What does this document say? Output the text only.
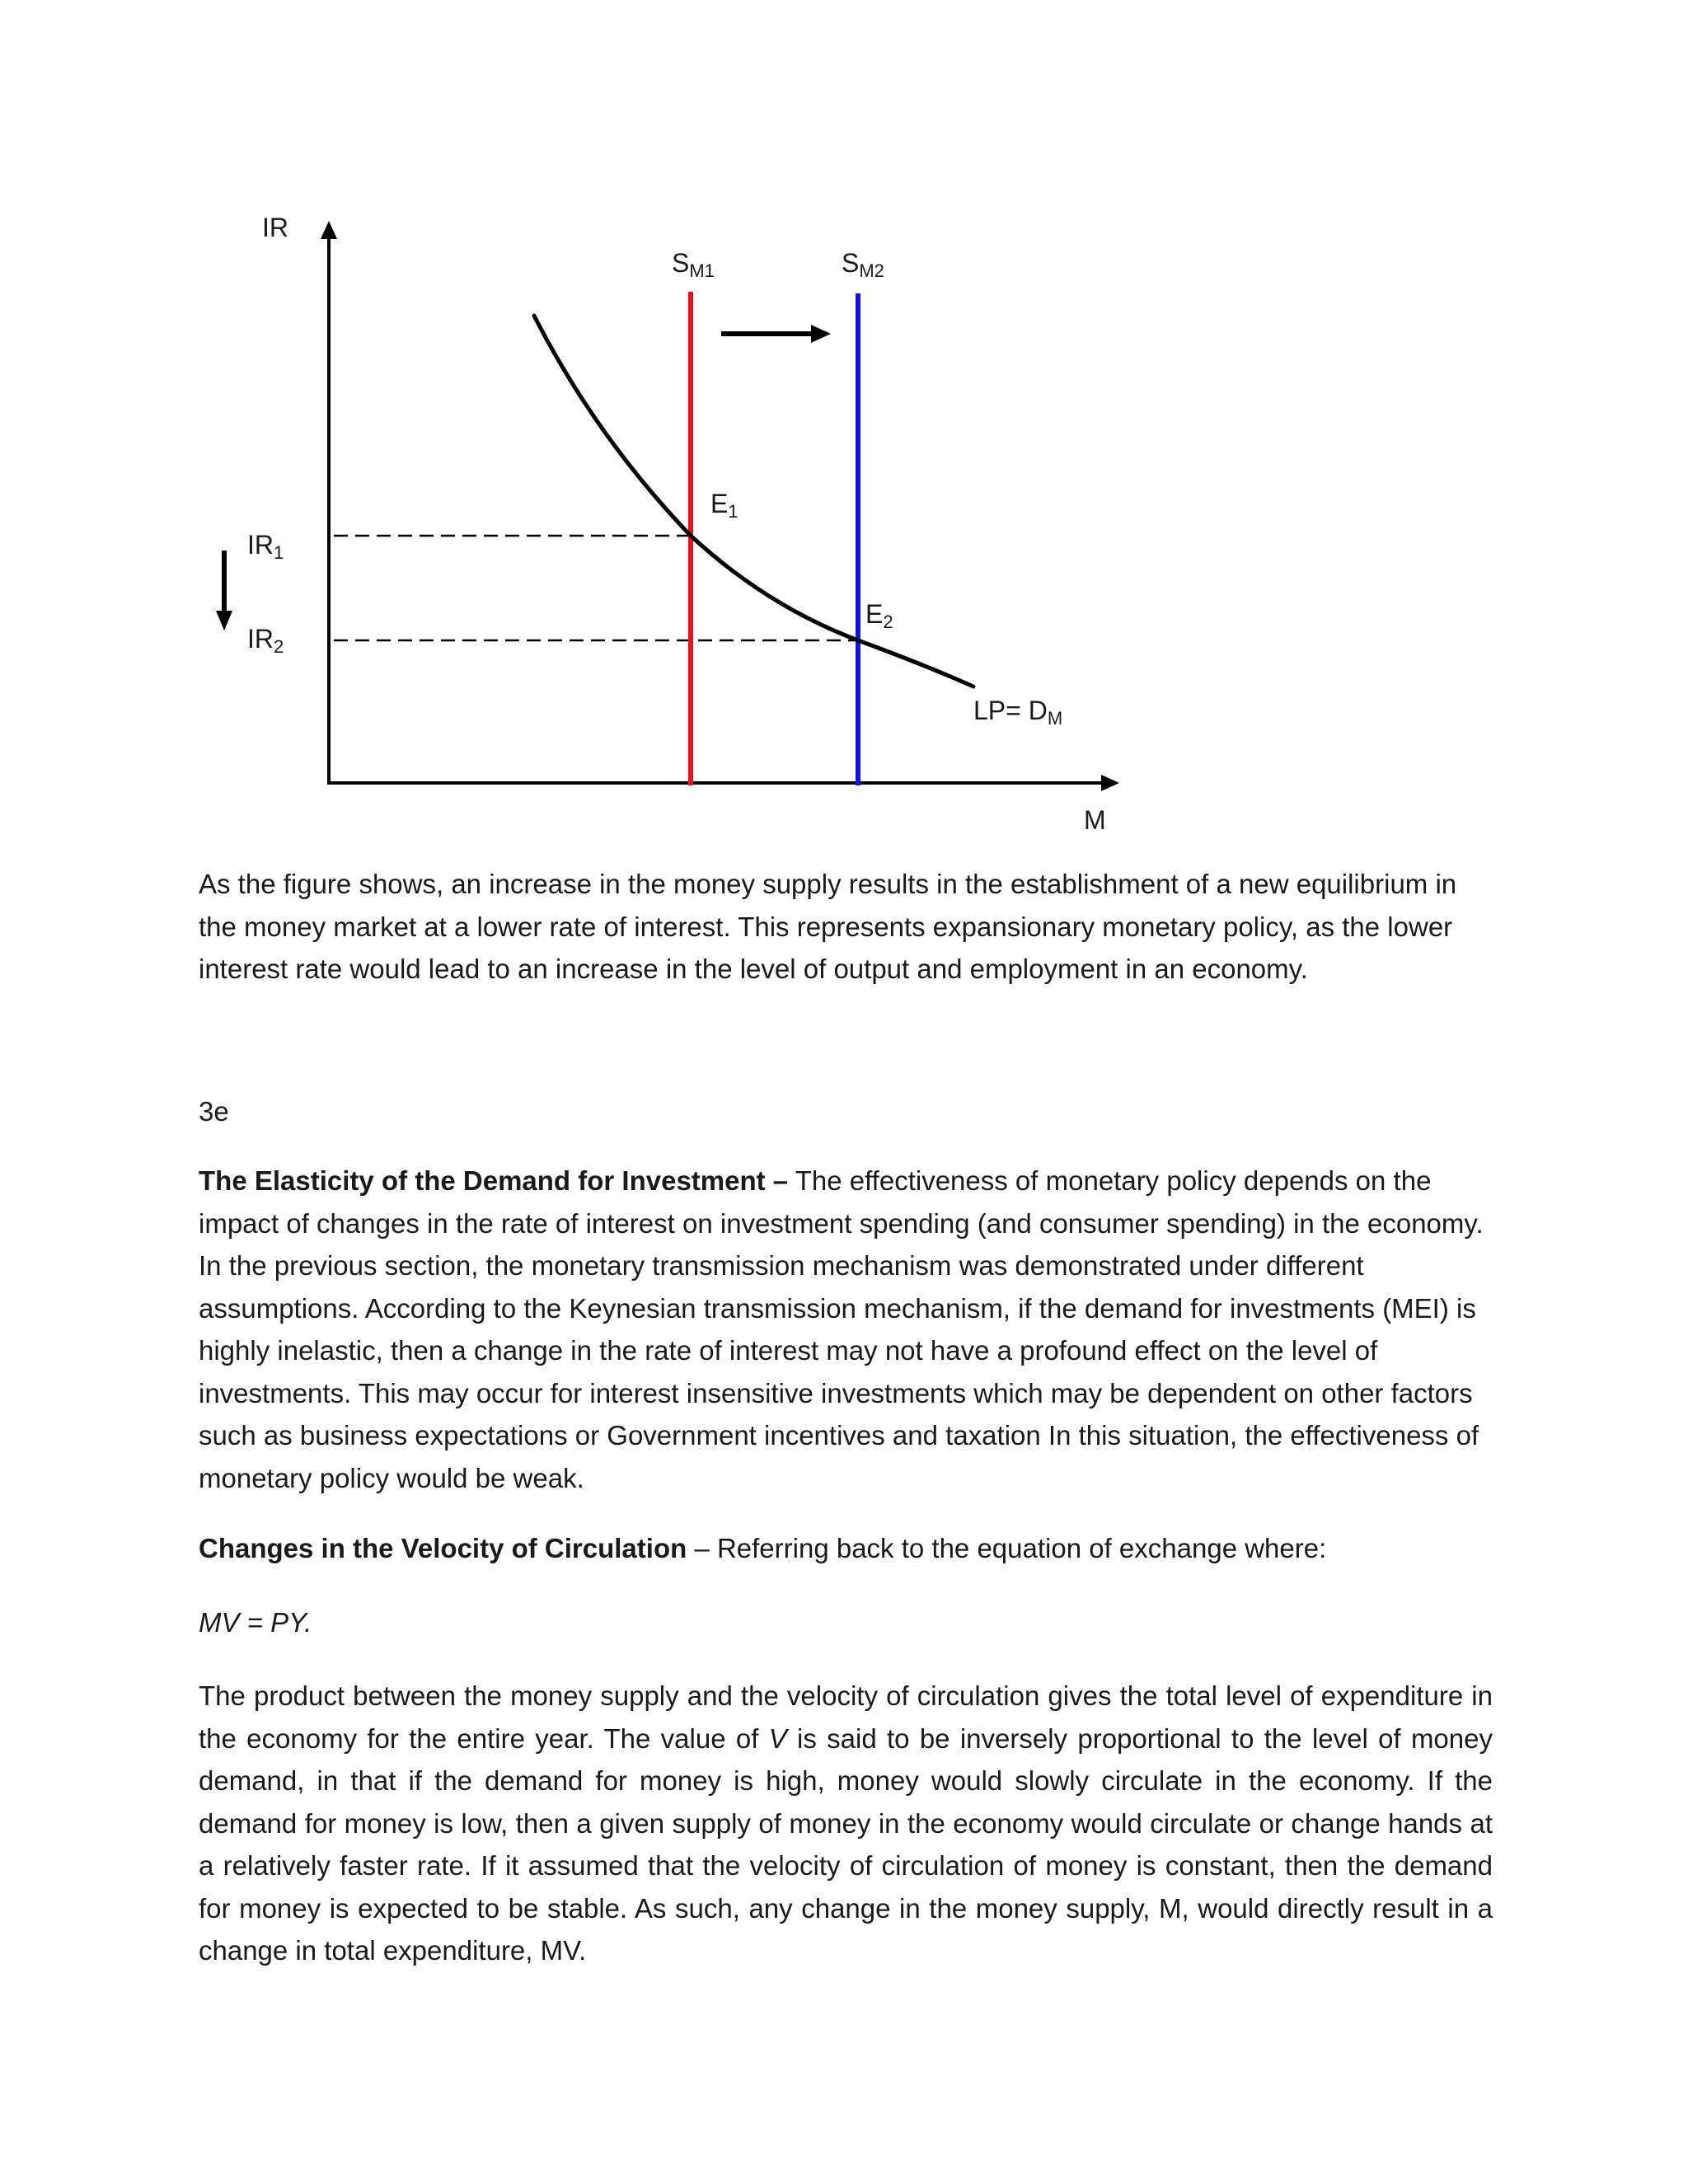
IR
M
SM1	SM2
E1
E2
IR1
IR2
LP= DM
As the figure shows, an increase in the money supply results in the establishment of a new equilibrium in the money market at a lower rate of interest. This represents expansionary monetary policy, as the lower interest rate would lead to an increase in the level of output and employment in an economy.
3e
The Elasticity of the Demand for Investment – The effectiveness of monetary policy depends on the impact of changes in the rate of interest on investment spending (and consumer spending) in the economy. In the previous section, the monetary transmission mechanism was demonstrated under different assumptions. According to the Keynesian transmission mechanism, if the demand for investments (MEI) is highly inelastic, then a change in the rate of interest may not have a profound effect on the level of investments. This may occur for interest insensitive investments which may be dependent on other factors such as business expectations or Government incentives and taxation In this situation, the effectiveness of monetary policy would be weak.
Changes in the Velocity of Circulation – Referring back to the equation of exchange where:
MV = PY.
The product between the money supply and the velocity of circulation gives the total level of expenditure in the economy for the entire year. The value of V is said to be inversely proportional to the level of money demand, in that if the demand for money is high, money would slowly circulate in the economy. If the demand for money is low, then a given supply of money in the economy would circulate or change hands at a relatively faster rate. If it assumed that the velocity of circulation of money is constant, then the demand for money is expected to be stable. As such, any change in the money supply, M, would directly result in a change in total expenditure, MV.
